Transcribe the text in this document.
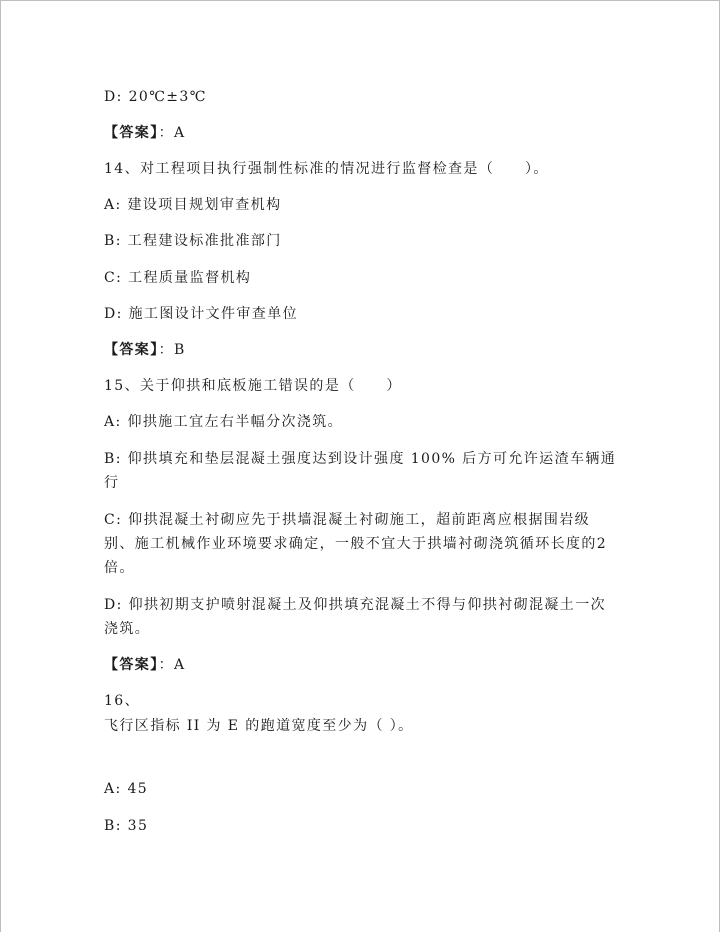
D: 20℃±3℃
【答案】：A
14、对工程项目执行强制性标准的情况进行监督检查是（　　）。
A: 建设项目规划审查机构
B: 工程建设标准批准部门
C: 工程质量监督机构
D: 施工图设计文件审查单位
【答案】：B
15、关于仰拱和底板施工错误的是（　　）
A: 仰拱施工宜左右半幅分次浇筑。
B: 仰拱填充和垫层混凝土强度达到设计强度 100% 后方可允许运渣车辆通行
C: 仰拱混凝土衬砌应先于拱墙混凝土衬砌施工，超前距离应根据围岩级别、施工机械作业环境要求确定，一般不宜大于拱墙衬砌浇筑循环长度的2倍。
D: 仰拱初期支护喷射混凝土及仰拱填充混凝土不得与仰拱衬砌混凝土一次浇筑。
【答案】：A
16、
飞行区指标 II 为 E 的跑道宽度至少为（ ）。
A: 45
B: 35
